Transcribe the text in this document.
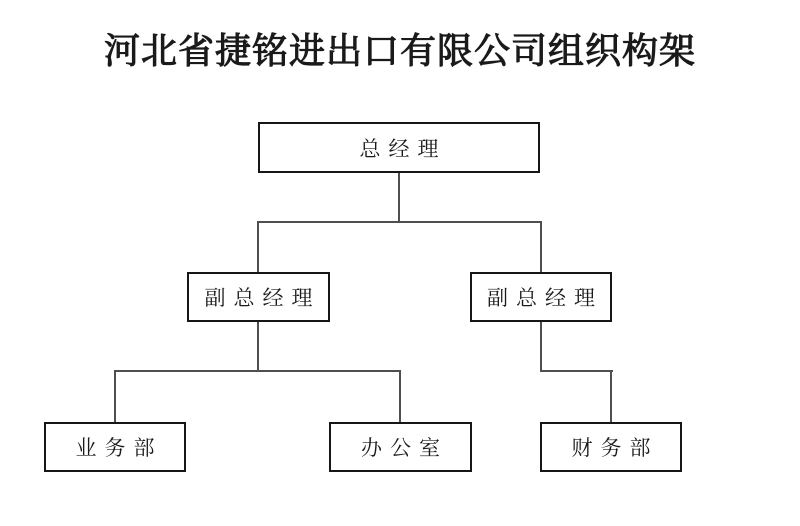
河北省捷铭进出口有限公司组织构架
总经理
副总经理	副总经理
业务部	办公室	财务部
